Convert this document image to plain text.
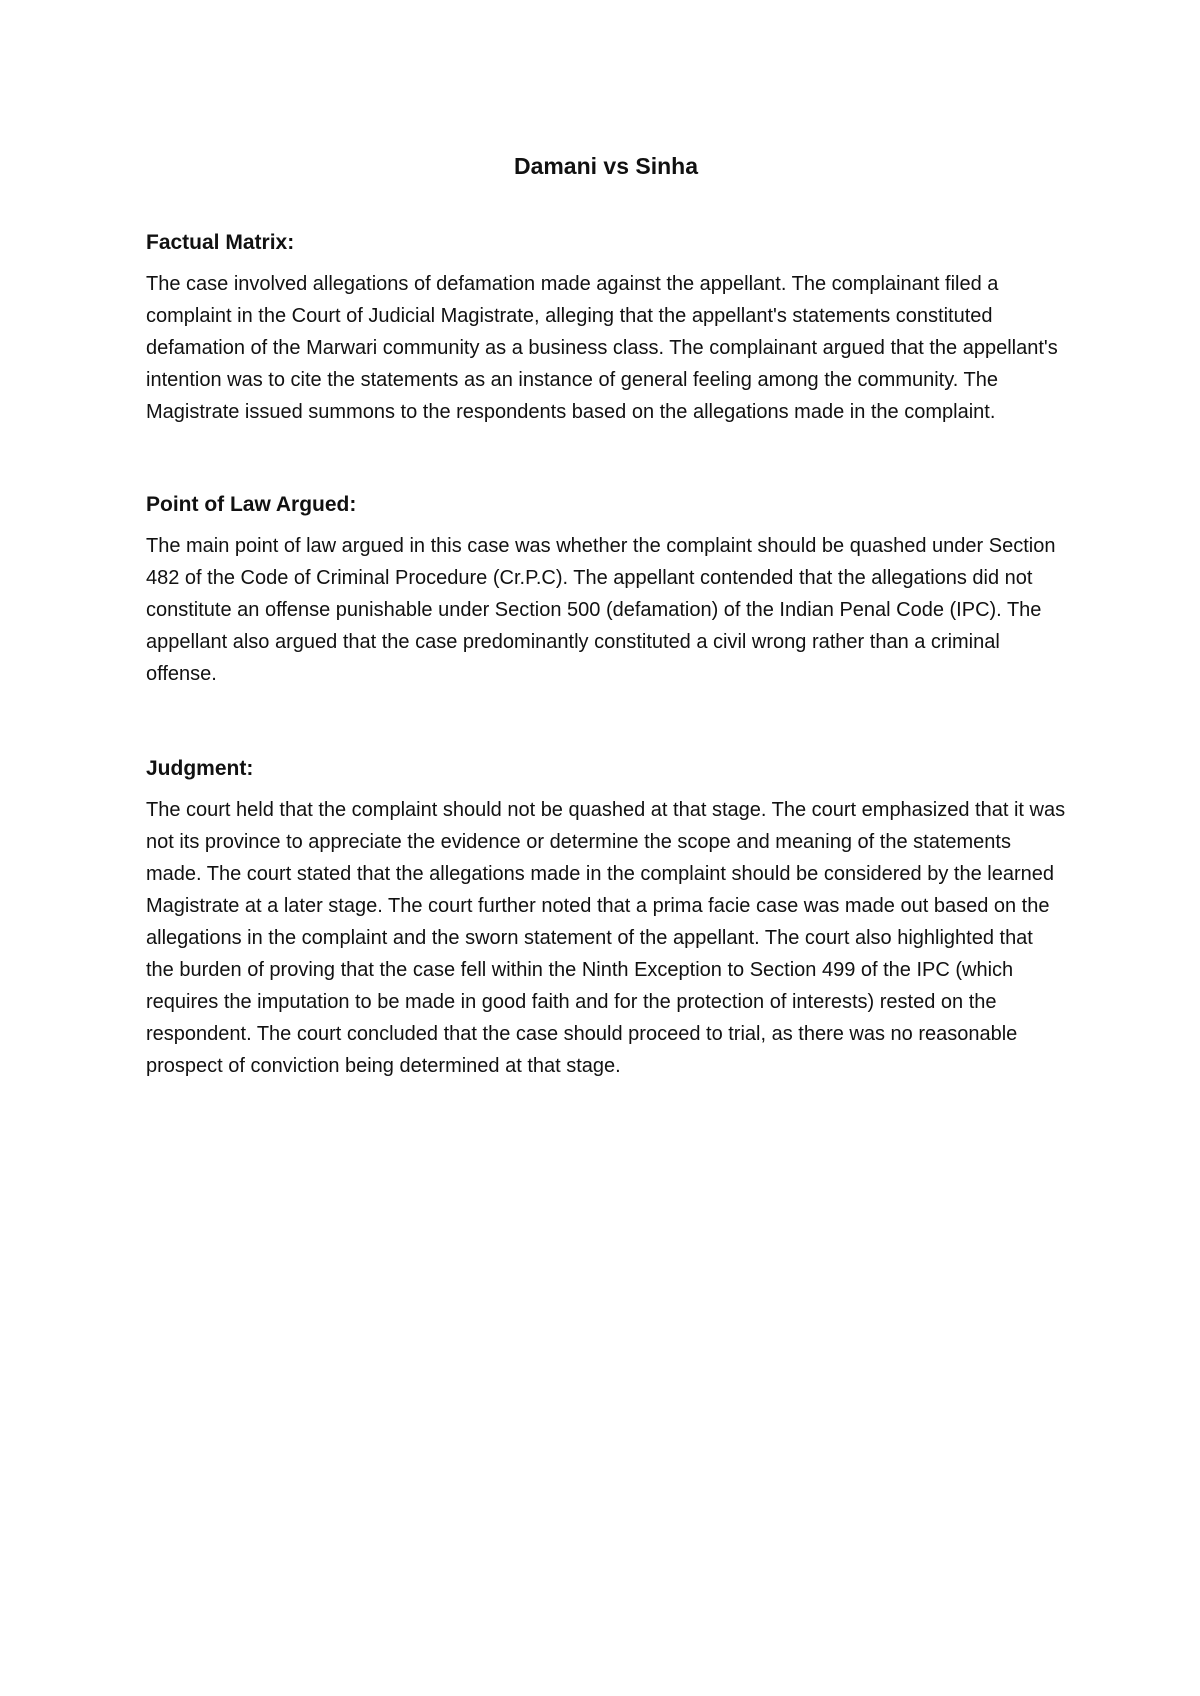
Damani vs Sinha
Factual Matrix:

The case involved allegations of defamation made against the appellant. The complainant filed a complaint in the Court of Judicial Magistrate, alleging that the appellant's statements constituted defamation of the Marwari community as a business class. The complainant argued that the appellant's intention was to cite the statements as an instance of general feeling among the community. The Magistrate issued summons to the respondents based on the allegations made in the complaint.

Point of Law Argued:

The main point of law argued in this case was whether the complaint should be quashed under Section 482 of the Code of Criminal Procedure (Cr.P.C). The appellant contended that the allegations did not constitute an offense punishable under Section 500 (defamation) of the Indian Penal Code (IPC). The appellant also argued that the case predominantly constituted a civil wrong rather than a criminal offense.

Judgment:

The court held that the complaint should not be quashed at that stage. The court emphasized that it was not its province to appreciate the evidence or determine the scope and meaning of the statements made. The court stated that the allegations made in the complaint should be considered by the learned Magistrate at a later stage. The court further noted that a prima facie case was made out based on the allegations in the complaint and the sworn statement of the appellant. The court also highlighted that the burden of proving that the case fell within the Ninth Exception to Section 499 of the IPC (which requires the imputation to be made in good faith and for the protection of interests) rested on the respondent. The court concluded that the case should proceed to trial, as there was no reasonable prospect of conviction being determined at that stage.
